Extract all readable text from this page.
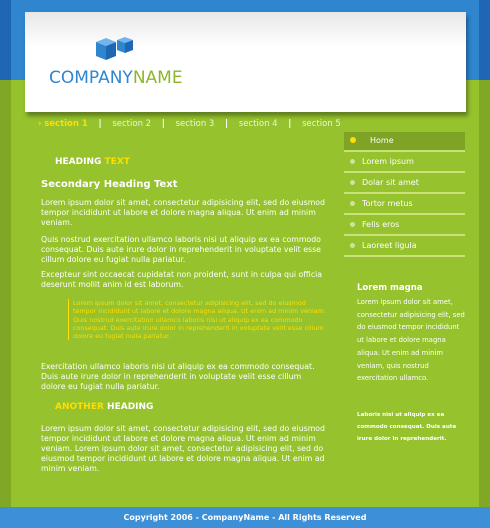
COMPANYNAME
› section 1 | section 2 | section 3 | section 4 | section 5
HEADING TEXT
Secondary Heading Text
Lorem ipsum dolor sit amet, consectetur adipisicing elit, sed do eiusmod tempor incididunt ut labore et dolore magna aliqua. Ut enim ad minim veniam.
Quis nostrud exercitation ullamco laboris nisi ut aliquip ex ea commodo consequat. Duis aute irure dolor in reprehenderit in voluptate velit esse cillum dolore eu fugiat nulla pariatur.
Excepteur sint occaecat cupidatat non proident, sunt in culpa qui officia deserunt mollit anim id est laborum.
Lorem ipsum dolor sit amet, consectetur adipisicing elit, sed do eiusmod tempor incididunt ut labore et dolore magna aliqua. Ut enim ad minim veniam. Quis nostrud exercitation ullamco laboris nisi ut aliquip ex ea commodo consequat. Duis aute irure dolor in reprehenderit in voluptate velit esse cillum dolore eu fugiat nulla pariatur.
Exercitation ullamco laboris nisi ut aliquip ex ea commodo consequat. Duis aute irure dolor in reprehenderit in voluptate velit esse cillum dolore eu fugiat nulla pariatur.
ANOTHER HEADING
Lorem ipsum dolor sit amet, consectetur adipisicing elit, sed do eiusmod tempor incididunt ut labore et dolore magna aliqua. Ut enim ad minim veniam. Lorem ipsum dolor sit amet, consectetur adipisicing elit, sed do eiusmod tempor incididunt ut labore et dolore magna aliqua. Ut enim ad minim veniam.
Home
Lorem ipsum
Dolar sit amet
Tortor metus
Felis eros
Laoreet ligula
Lorem magna
Lorem ipsum dolor sit amet, consectetur adipisicing elit, sed do eiusmod tempor incididunt ut labore et dolore magna aliqua. Ut enim ad minim veniam, quis nostrud exercitation ullamco.
Laboris nisi ut aliquip ex ea commodo consequat. Duis aute irure dolor in reprehenderit.
Copyright 2006 - CompanyName - All Rights Reserved
